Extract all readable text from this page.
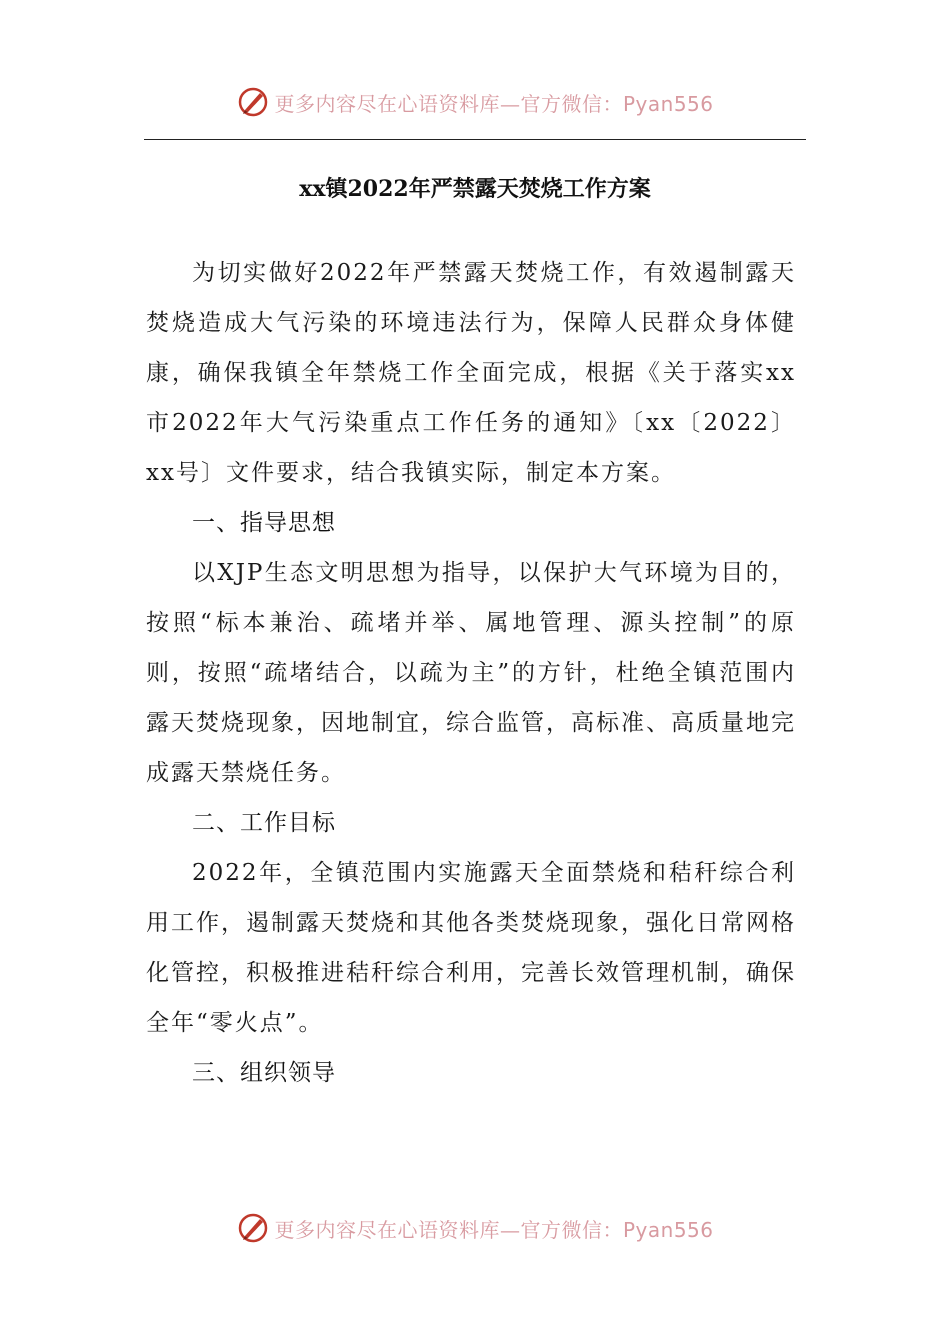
更多内容尽在心语资料库—官方微信：Pyan556
xx镇2022年严禁露天焚烧工作方案

为切实做好2022年严禁露天焚烧工作，有效遏制露天焚烧造成大气污染的环境违法行为，保障人民群众身体健康，确保我镇全年禁烧工作全面完成，根据《关于落实xx市2022年大气污染重点工作任务的通知》〔xx〔2022〕xx号〕文件要求，结合我镇实际，制定本方案。

一、指导思想

以XJP生态文明思想为指导，以保护大气环境为目的，按照“标本兼治、疏堵并举、属地管理、源头控制”的原则，按照“疏堵结合，以疏为主”的方针，杜绝全镇范围内露天焚烧现象，因地制宜，综合监管，高标准、高质量地完成露天禁烧任务。

二、工作目标

2022年，全镇范围内实施露天全面禁烧和秸秆综合利用工作，遏制露天焚烧和其他各类焚烧现象，强化日常网格化管控，积极推进秸秆综合利用，完善长效管理机制，确保全年“零火点”。

三、组织领导

更多内容尽在心语资料库—官方微信：Pyan556
